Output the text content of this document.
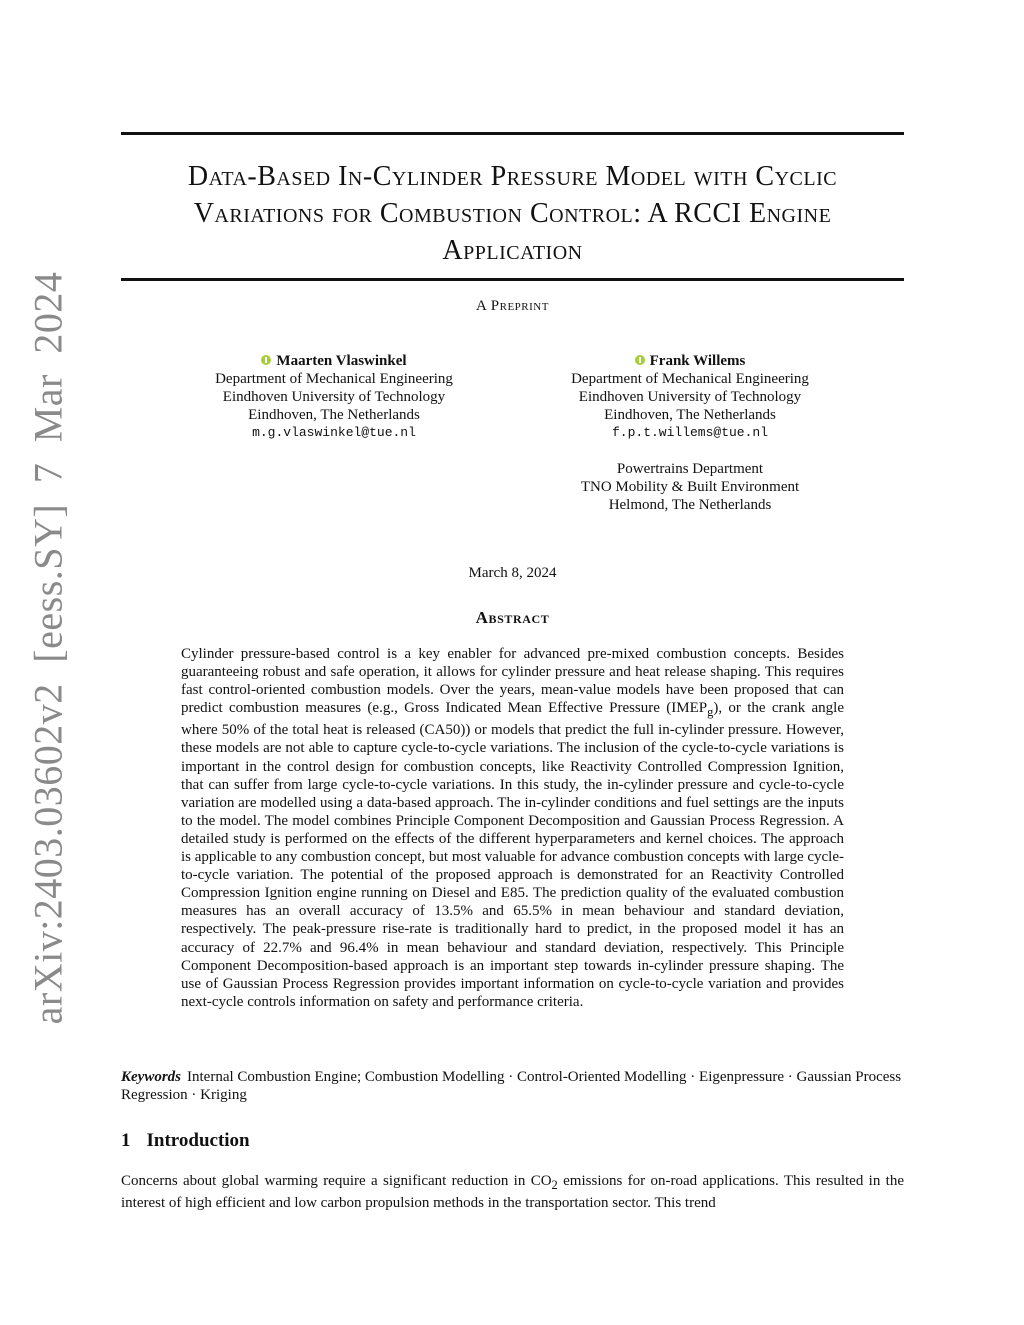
arXiv:2403.03602v2 [eess.SY] 7 Mar 2024
Data-Based In-Cylinder Pressure Model with Cyclic
Variations for Combustion Control: A RCCI Engine
Application
A Preprint
Maarten Vlaswinkel
Department of Mechanical Engineering
Eindhoven University of Technology
Eindhoven, The Netherlands
m.g.vlaswinkel@tue.nl
Frank Willems
Department of Mechanical Engineering
Eindhoven University of Technology
Eindhoven, The Netherlands
f.p.t.willems@tue.nl
Powertrains Department
TNO Mobility & Built Environment
Helmond, The Netherlands
March 8, 2024
Abstract
Cylinder pressure-based control is a key enabler for advanced pre-mixed combustion concepts. Besides guaranteeing robust and safe operation, it allows for cylinder pressure and heat release shaping. This requires fast control-oriented combustion models. Over the years, mean-value models have been proposed that can predict combustion measures (e.g., Gross Indicated Mean Effective Pressure $(IMEP_g)$, or the crank angle where 50% of the total heat is released (CA50)) or models that predict the full in-cylinder pressure. However, these models are not able to capture cycle-to-cycle variations. The inclusion of the cycle-to-cycle variations is important in the control design for combustion concepts, like Reactivity Controlled Compression Ignition, that can suffer from large cycle-to-cycle variations. In this study, the in-cylinder pressure and cycle-to-cycle variation are modelled using a data-based approach. The in-cylinder conditions and fuel settings are the inputs to the model. The model combines Principle Component Decomposition and Gaussian Process Regression. A detailed study is performed on the effects of the different hyperparameters and kernel choices. The approach is applicable to any combustion concept, but most valuable for advance combustion concepts with large cycle-to-cycle variation. The potential of the proposed approach is demonstrated for an Reactivity Controlled Compression Ignition engine running on Diesel and E85. The prediction quality of the evaluated combustion measures has an overall accuracy of 13.5% and 65.5% in mean behaviour and standard deviation, respectively. The peak-pressure rise-rate is traditionally hard to predict, in the proposed model it has an accuracy of 22.7% and 96.4% in mean behaviour and standard deviation, respectively. This Principle Component Decomposition-based approach is an important step towards in-cylinder pressure shaping. The use of Gaussian Process Regression provides important information on cycle-to-cycle variation and provides next-cycle controls information on safety and performance criteria.
Keywords Internal Combustion Engine; Combustion Modelling · Control-Oriented Modelling · Eigenpressure · Gaussian Process Regression · Kriging
1 Introduction
Concerns about global warming require a significant reduction in $CO_2$ emissions for on-road applications. This resulted in the interest of high efficient and low carbon propulsion methods in the transportation sector. This trend
